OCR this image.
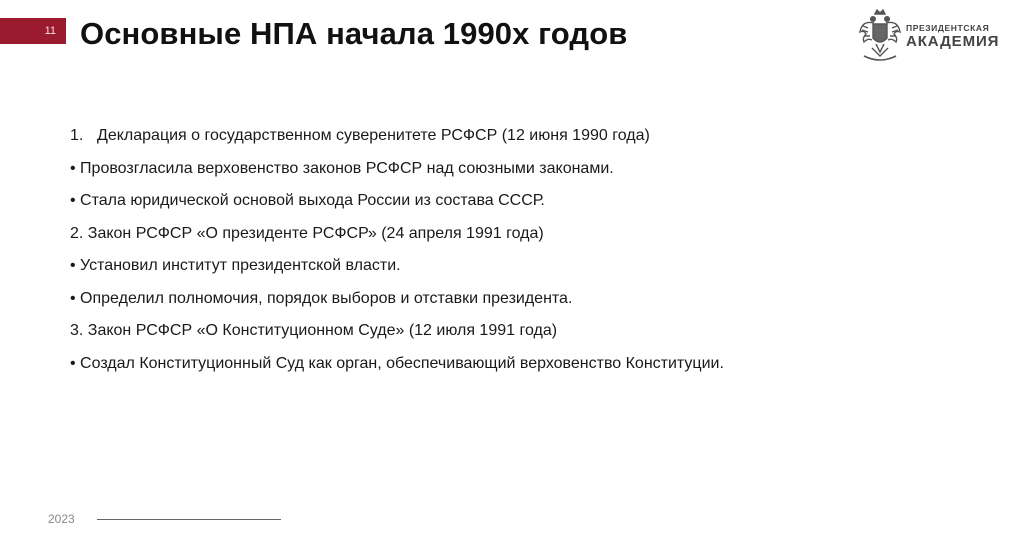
11 Основные НПА начала 1990х годов	ПРЕЗИДЕНТСКАЯ
АКАДЕМИЯ
1. Декларация о государственном суверенитете РСФСР (12 июня 1990 года)
• Провозгласила верховенство законов РСФСР над союзными законами.
• Стала юридической основой выхода России из состава СССР.
2. Закон РСФСР «О президенте РСФСР» (24 апреля 1991 года)
• Установил институт президентской власти.
• Определил полномочия, порядок выборов и отставки президента.
3. Закон РСФСР «О Конституционном Суде» (12 июля 1991 года)
• Создал Конституционный Суд как орган, обеспечивающий верховенство Конституции.
2023
